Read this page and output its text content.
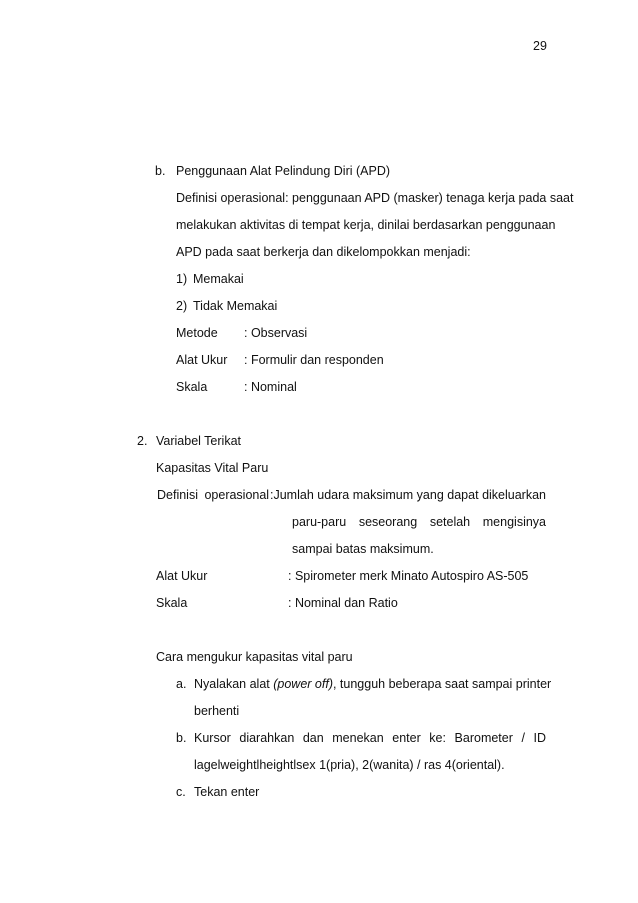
29
b. Penggunaan Alat Pelindung Diri (APD)
Definisi operasional: penggunaan APD (masker) tenaga kerja pada saat
melakukan aktivitas di tempat kerja, dinilai berdasarkan penggunaan
APD pada saat berkerja dan dikelompokkan menjadi:
1) Memakai
2) Tidak Memakai
Metode : Observasi
Alat Ukur : Formulir dan responden
Skala	: Nominal
2. Variabel Terikat
Kapasitas Vital Paru
Definisi operasional :Jumlah udara maksimum yang dapat dikeluarkan
paru-paru seseorang setelah mengisinya
sampai batas maksimum.
Alat Ukur	: Spirometer merk Minato Autospiro AS-505
Skala	: Nominal dan Ratio
Cara mengukur kapasitas vital paru
a. Nyalakan alat (power off), tungguh beberapa saat sampai printer
berhenti
b. Kursor diarahkan dan menekan enter ke: Barometer / ID
lagelweightlheightlsex 1(pria), 2(wanita) / ras 4(oriental).
c. Tekan enter
